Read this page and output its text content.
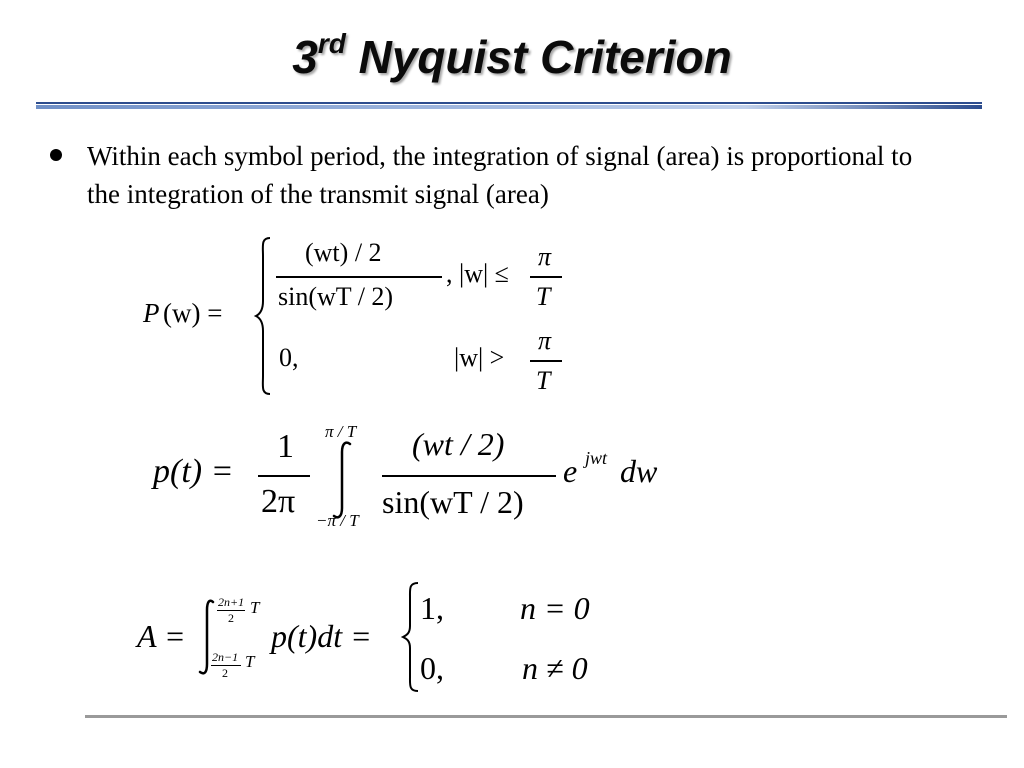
3rd Nyquist Criterion
Within each symbol period, the integration of signal (area) is proportional to the integration of the transmit signal (area)
P (w) =
(wt) / 2
sin(wT / 2)
, |w| ≤
π
T
0,	|w| >
π
T
p(t) =
1
2π
π / T
−π / T
(wt / 2)
sin(wT / 2)
e jwt dw
A =
2n+1
2
T
2n−1
2
T
p(t)dt =
1, n = 0
0, n ≠ 0
